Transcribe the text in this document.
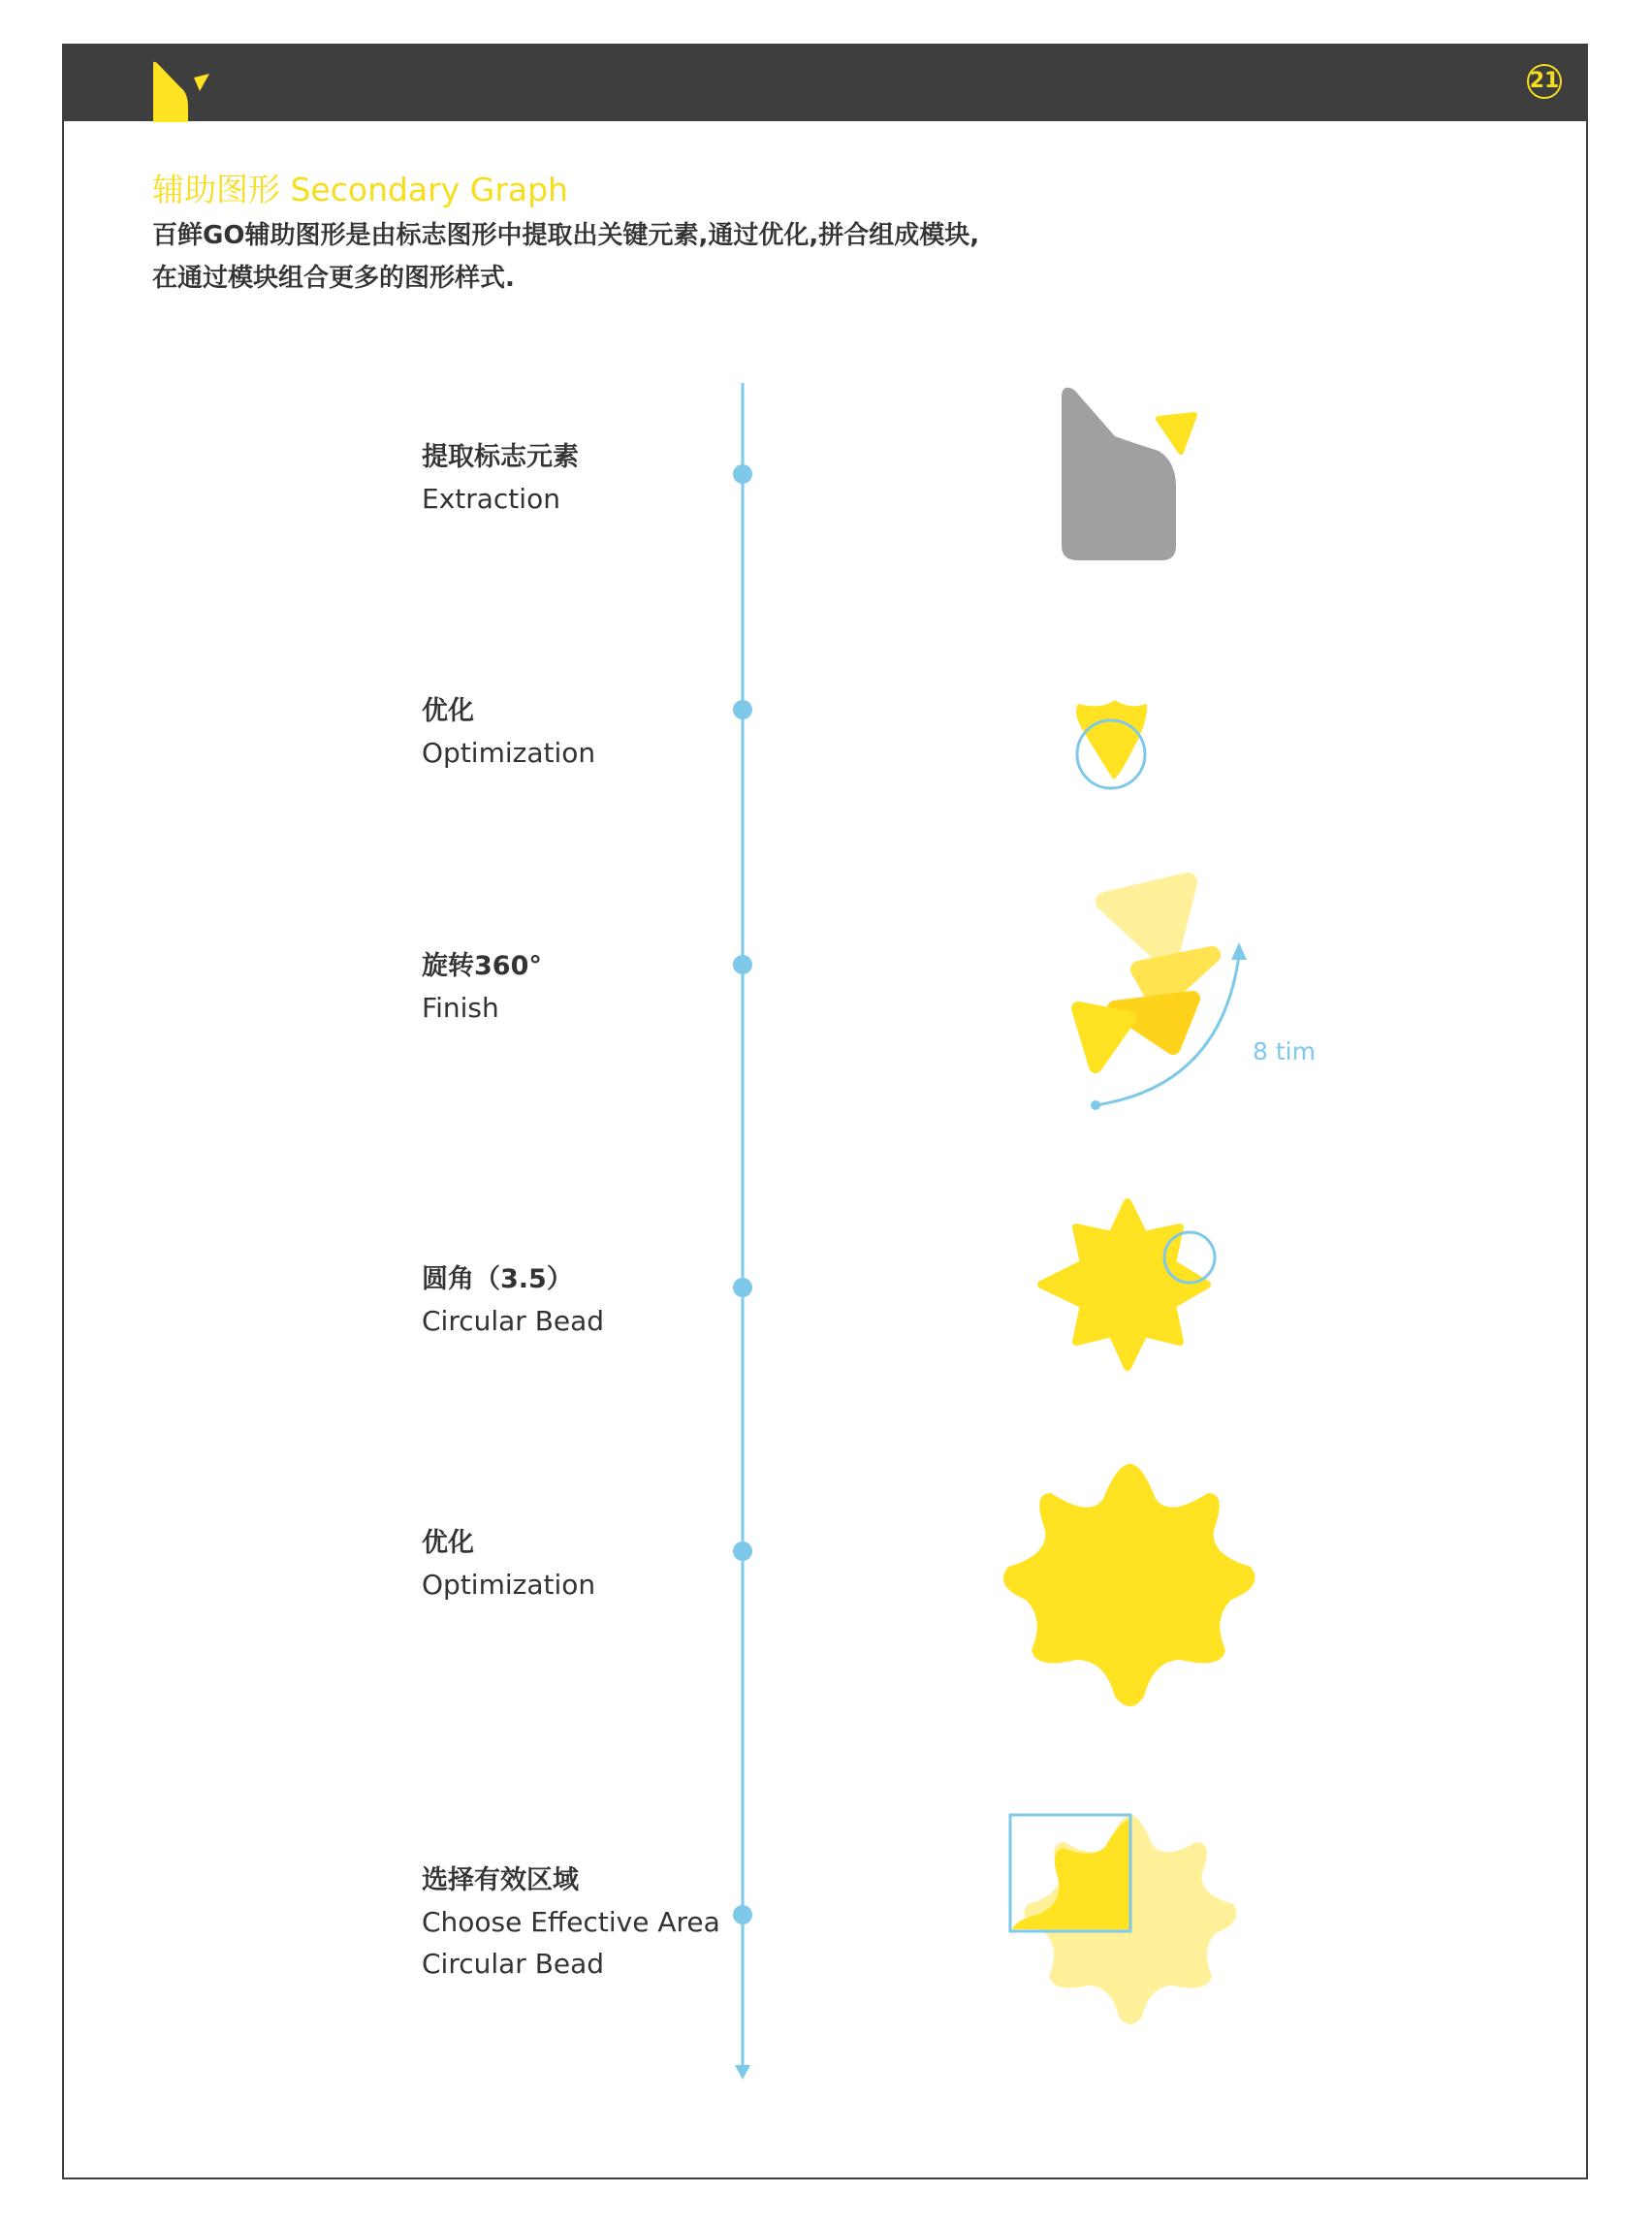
21
辅助图形 Secondary Graph
百鲜GO辅助图形是由标志图形中提取出关键元素,通过优化,拼合组成模块,
在通过模块组合更多的图形样式.
提取标志元素
Extraction
优化
Optimization
旋转360°
Finish
圆角（3.5）
Circular Bead
优化
Optimization
选择有效区域
Choose Effective Area
Circular Bead
8 tim
